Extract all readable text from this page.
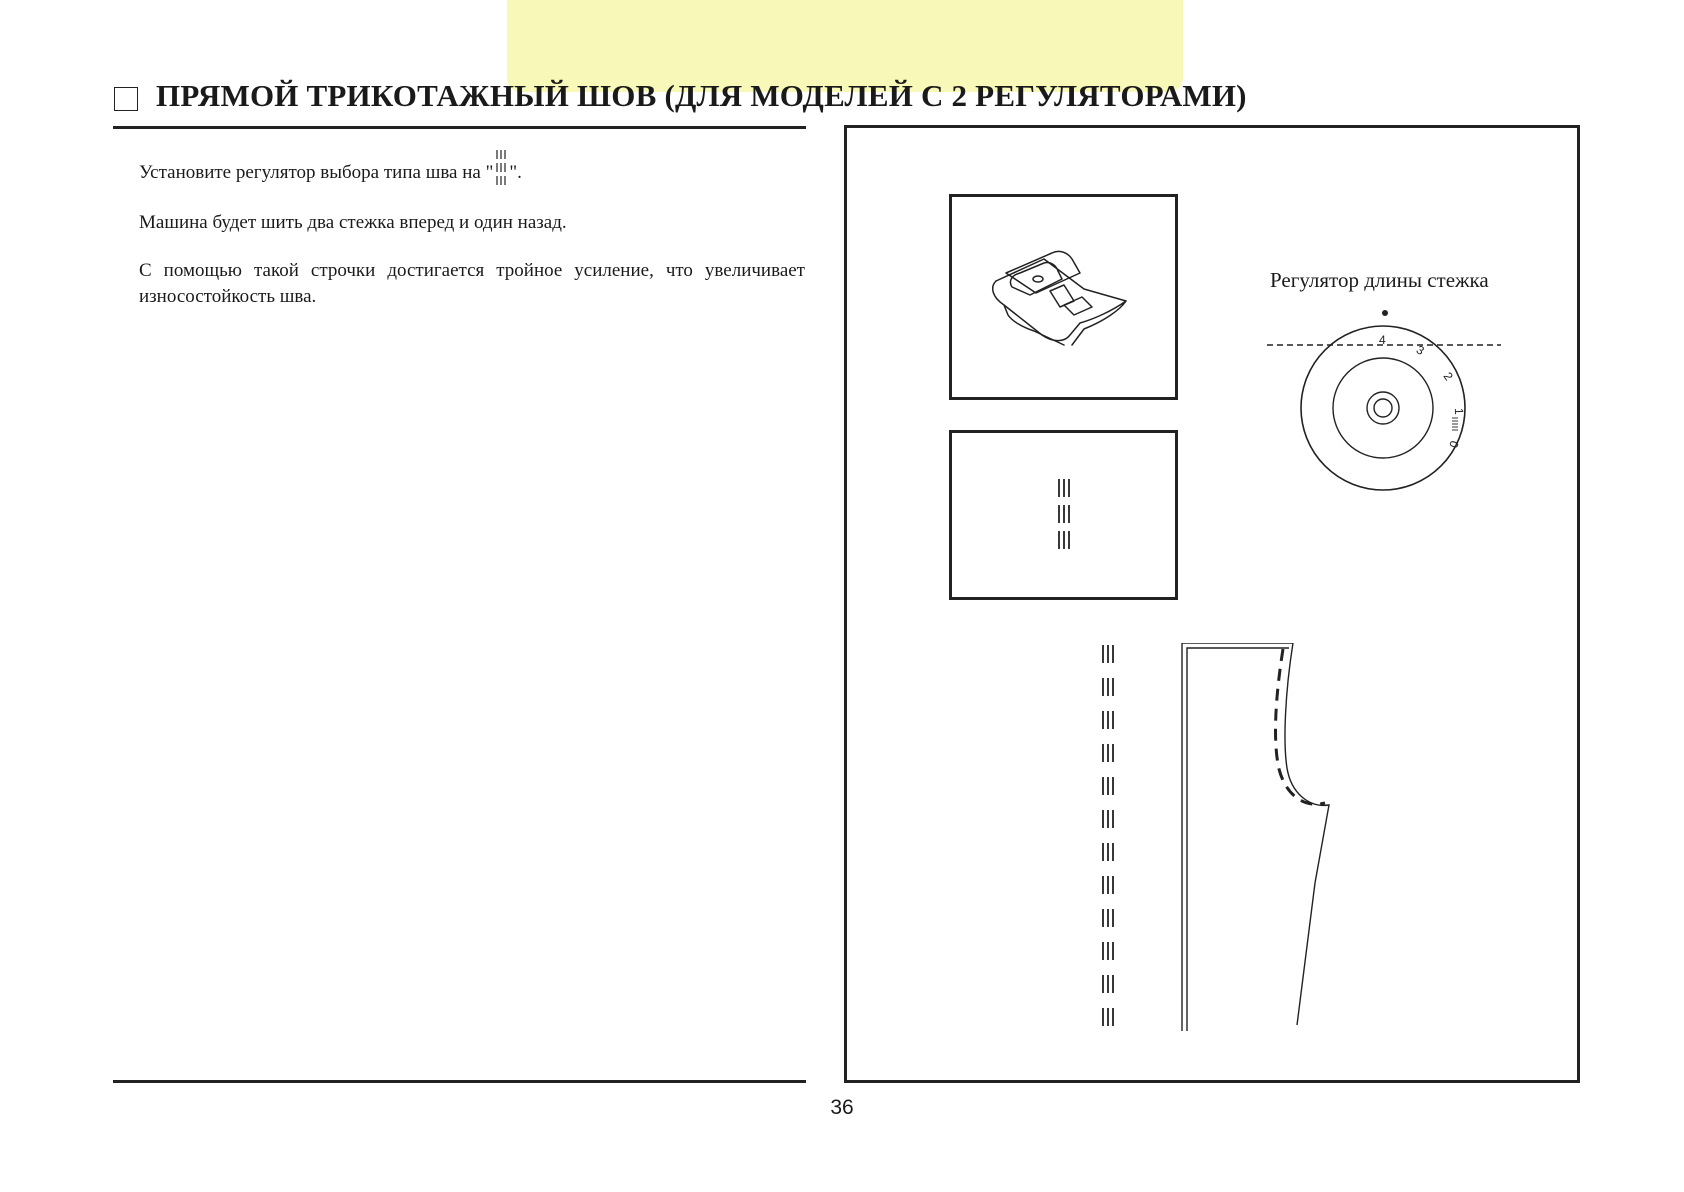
ПРЯМОЙ ТРИКОТАЖНЫЙ ШОВ (ДЛЯ МОДЕЛЕЙ С 2 РЕГУЛЯТОРАМИ)

Установите регулятор выбора типа шва на " ".

Машина будет шить два стежка вперед и один назад.

С помощью такой строчки достигается тройное усиление, что увеличивает износостойкость шва.

Регулятор длины стежка
4
3
2
1
0
36
